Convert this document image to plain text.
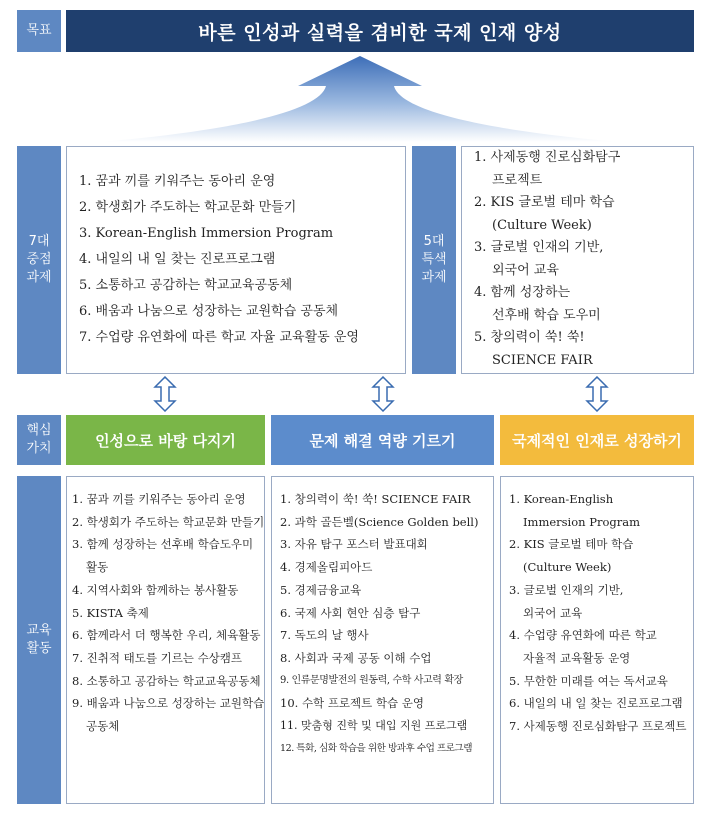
목표	바른 인성과 실력을 겸비한 국제 인재 양성
7대
중점
과제
1. 꿈과 끼를 키워주는 동아리 운영
2. 학생회가 주도하는 학교문화 만들기
3. Korean-English Immersion Program
4. 내일의 내 일 찾는 진로프로그램
5. 소통하고 공감하는 학교교육공동체
6. 배움과 나눔으로 성장하는 교원학습 공동체
7. 수업량 유연화에 따른 학교 자율 교육활동 운영
5대
특색
과제
1. 사제동행 진로심화탐구
프로젝트
2. KIS 글로벌 테마 학습
(Culture Week)
3. 글로벌 인재의 기반,
외국어 교육
4. 함께 성장하는
선후배 학습 도우미
5. 창의력이 쑥! 쑥!
SCIENCE FAIR
핵심
가치	인성으로 바탕 다지기	문제 해결 역량 기르기	국제적인 인재로 성장하기
교육
활동
1. 꿈과 끼를 키워주는 동아리 운영
2. 학생회가 주도하는 학교문화 만들기
3. 함께 성장하는 선후배 학습도우미
활동
4. 지역사회와 함께하는 봉사활동
5. KISTA 축제
6. 함께라서 더 행복한 우리, 체육활동
7. 진취적 태도를 기르는 수상캠프
8. 소통하고 공감하는 학교교육공동체
9. 배움과 나눔으로 성장하는 교원학습
공동체
1. 창의력이 쑥! 쑥! SCIENCE FAIR
2. 과학 골든벨(Science Golden bell)
3. 자유 탐구 포스터 발표대회
4. 경제올림피아드
5. 경제금융교육
6. 국제 사회 현안 심층 탐구
7. 독도의 날 행사
8. 사회과 국제 공동 이해 수업
9. 인류문명발전의 원동력, 수학 사고력 확장
10. 수학 프로젝트 학습 운영
11. 맞춤형 진학 및 대입 지원 프로그램
12. 특화, 심화 학습을 위한 방과후 수업 프로그램
1. Korean-English
Immersion Program
2. KIS 글로벌 테마 학습
(Culture Week)
3. 글로벌 인재의 기반,
외국어 교육
4. 수업량 유연화에 따른 학교
자율적 교육활동 운영
5. 무한한 미래를 여는 독서교육
6. 내일의 내 일 찾는 진로프로그램
7. 사제동행 진로심화탐구 프로젝트
